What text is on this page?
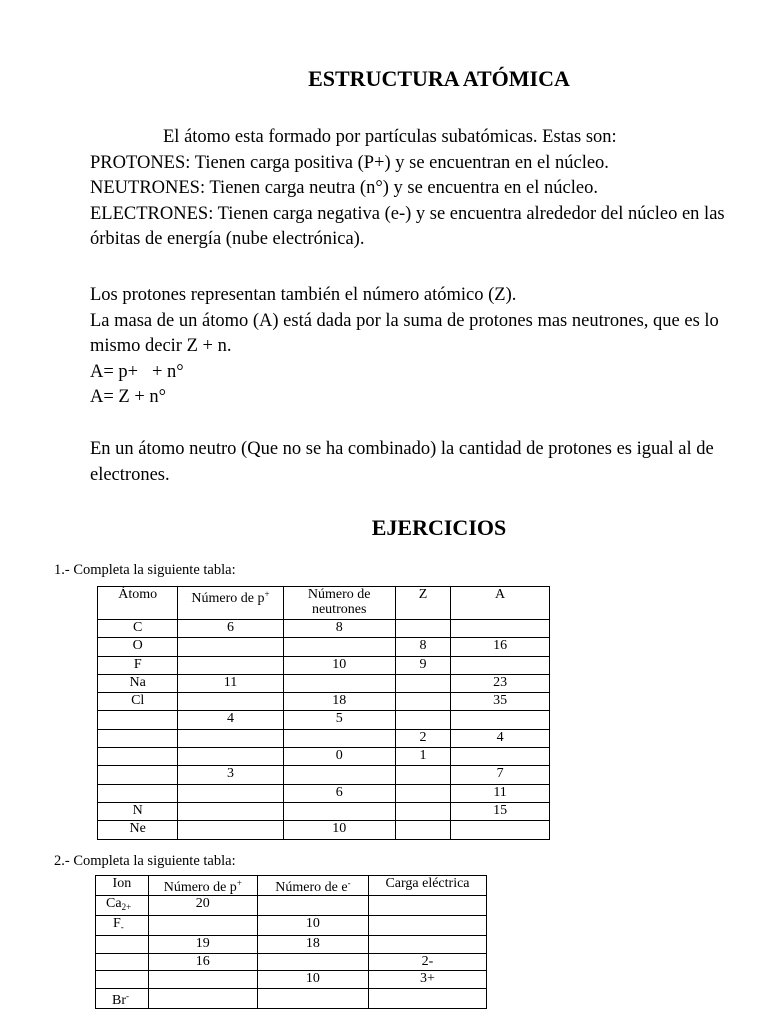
ESTRUCTURA ATÓMICA

El átomo esta formado por partículas subatómicas. Estas son:

PROTONES: Tienen carga positiva (P+) y se encuentran en el núcleo.

NEUTRONES: Tienen carga neutra (n°) y se encuentra en el núcleo.

ELECTRONES: Tienen carga negativa (e-) y se encuentra alrededor del núcleo en las órbitas de energía (nube electrónica).

Los protones representan también el número atómico (Z).

La masa de un átomo (A) está dada por la suma de protones mas neutrones, que es lo mismo decir Z + n.

A= p+   + n°

A= Z + n°

En un átomo neutro (Que no se ha combinado) la cantidad de protones es igual al de electrones.

EJERCICIOS
1.- Completa la siguiente tabla:
Átomo	Número de p+	Número de neutrones	Z	A
C	6	8		
O			8	16
F		10	9	
Na	11			23
Cl		18		35
	4	5		
			2	4
		0	1	
	3			7
		6		11
N				15
Ne		10		
2.- Completa la siguiente tabla:
Ion	Número de p+	Número de e-	Carga eléctrica
$Ca_{2+}$	20		
$F_-$		10	
	19	18	
	16		2-
		10	3+
Br-			
